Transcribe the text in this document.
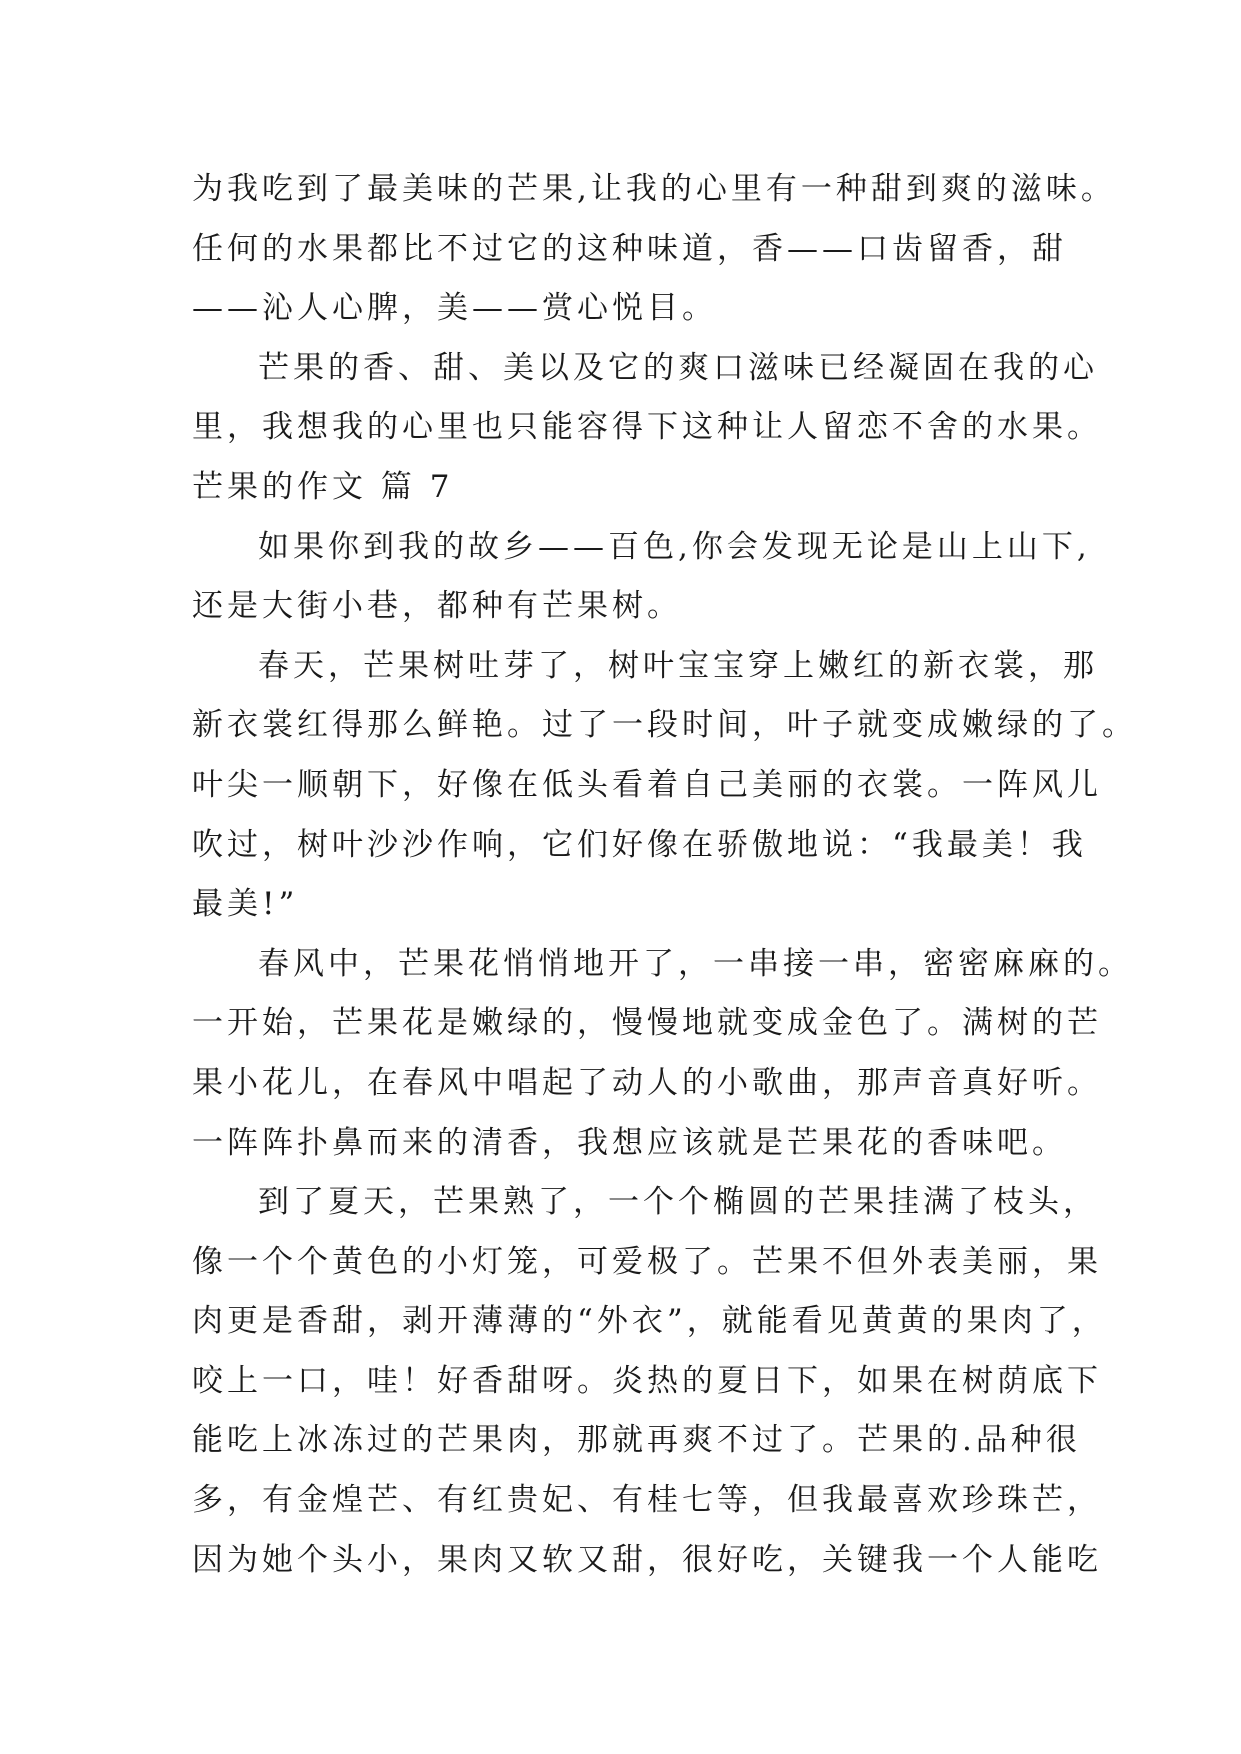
为我吃到了最美味的芒果,让我的心里有一种甜到爽的滋味。
任何的水果都比不过它的这种味道，香——口齿留香，甜
——沁人心脾，美——赏心悦目。
芒果的香、甜、美以及它的爽口滋味已经凝固在我的心
里，我想我的心里也只能容得下这种让人留恋不舍的水果。
芒果的作文 篇 7
如果你到我的故乡——百色,你会发现无论是山上山下,
还是大街小巷，都种有芒果树。
春天，芒果树吐芽了，树叶宝宝穿上嫩红的新衣裳，那
新衣裳红得那么鲜艳。过了一段时间，叶子就变成嫩绿的了。
叶尖一顺朝下，好像在低头看着自己美丽的衣裳。一阵风儿
吹过，树叶沙沙作响，它们好像在骄傲地说：“我最美！我
最美!”
春风中，芒果花悄悄地开了，一串接一串，密密麻麻的。
一开始，芒果花是嫩绿的，慢慢地就变成金色了。满树的芒
果小花儿，在春风中唱起了动人的小歌曲，那声音真好听。
一阵阵扑鼻而来的清香，我想应该就是芒果花的香味吧。
到了夏天，芒果熟了，一个个椭圆的芒果挂满了枝头，
像一个个黄色的小灯笼，可爱极了。芒果不但外表美丽，果
肉更是香甜，剥开薄薄的“外衣”，就能看见黄黄的果肉了，
咬上一口，哇！好香甜呀。炎热的夏日下，如果在树荫底下
能吃上冰冻过的芒果肉，那就再爽不过了。芒果的.品种很
多，有金煌芒、有红贵妃、有桂七等，但我最喜欢珍珠芒，
因为她个头小，果肉又软又甜，很好吃，关键我一个人能吃
